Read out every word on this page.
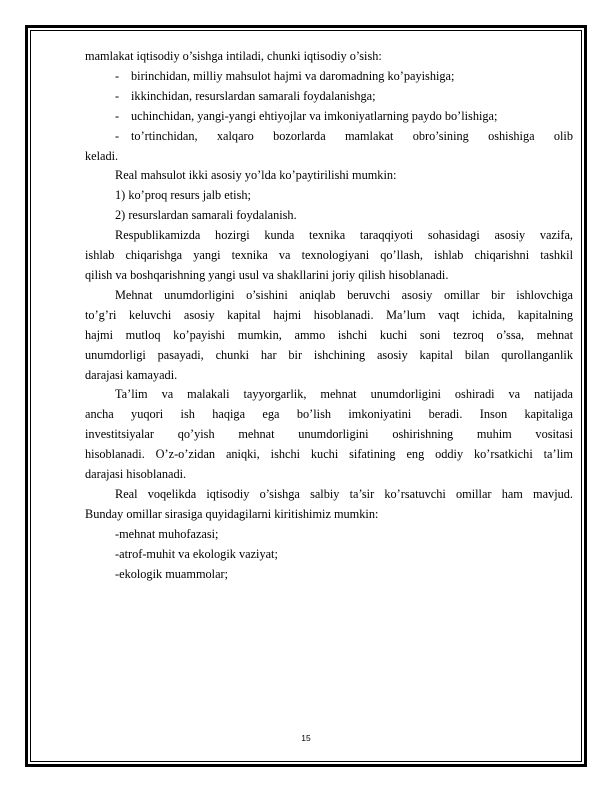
mamlakat iqtisodiy o’sishga intiladi, chunki iqtisodiy o’sish:

- birinchidan, milliy mahsulot hajmi va daromadning ko’payishiga;
- ikkinchidan, resurslardan samarali foydalanishga;
- uchinchidan, yangi-yangi ehtiyojlar va imkoniyatlarning paydo bo’lishiga;
- to’rtinchidan, xalqaro bozorlarda mamlakat obro’sining oshishiga olib

keladi.

Real mahsulot ikki asosiy yo’lda ko’paytirilishi mumkin:

1) ko’proq resurs jalb etish;

2) resurslardan samarali foydalanish.

Respublikamizda hozirgi kunda texnika taraqqiyoti sohasidagi asosiy vazifa,

ishlab chiqarishga yangi texnika va texnologiyani qo’llash, ishlab chiqarishni tashkil

qilish va boshqarishning yangi usul va shakllarini joriy qilish hisoblanadi.

Mehnat unumdorligini o’sishini aniqlab beruvchi asosiy omillar bir ishlovchiga

to’g’ri keluvchi asosiy kapital hajmi hisoblanadi. Ma’lum vaqt ichida, kapitalning

hajmi mutloq ko’payishi mumkin, ammo ishchi kuchi soni tezroq o’ssa, mehnat

unumdorligi pasayadi, chunki har bir ishchining asosiy kapital bilan qurollanganlik

darajasi kamayadi.

Ta’lim va malakali tayyorgarlik, mehnat unumdorligini oshiradi va natijada

ancha yuqori ish haqiga ega bo’lish imkoniyatini beradi. Inson kapitaliga

investitsiyalar qo’yish mehnat unumdorligini oshirishning muhim vositasi

hisoblanadi. O’z-o’zidan aniqki, ishchi kuchi sifatining eng oddiy ko’rsatkichi ta’lim

darajasi hisoblanadi.

Real voqelikda iqtisodiy o’sishga salbiy ta’sir ko’rsatuvchi omillar ham mavjud.

Bunday omillar sirasiga quyidagilarni kiritishimiz mumkin:

-mehnat muhofazasi;
-atrof-muhit va ekologik vaziyat;
-ekologik muammolar;
15
